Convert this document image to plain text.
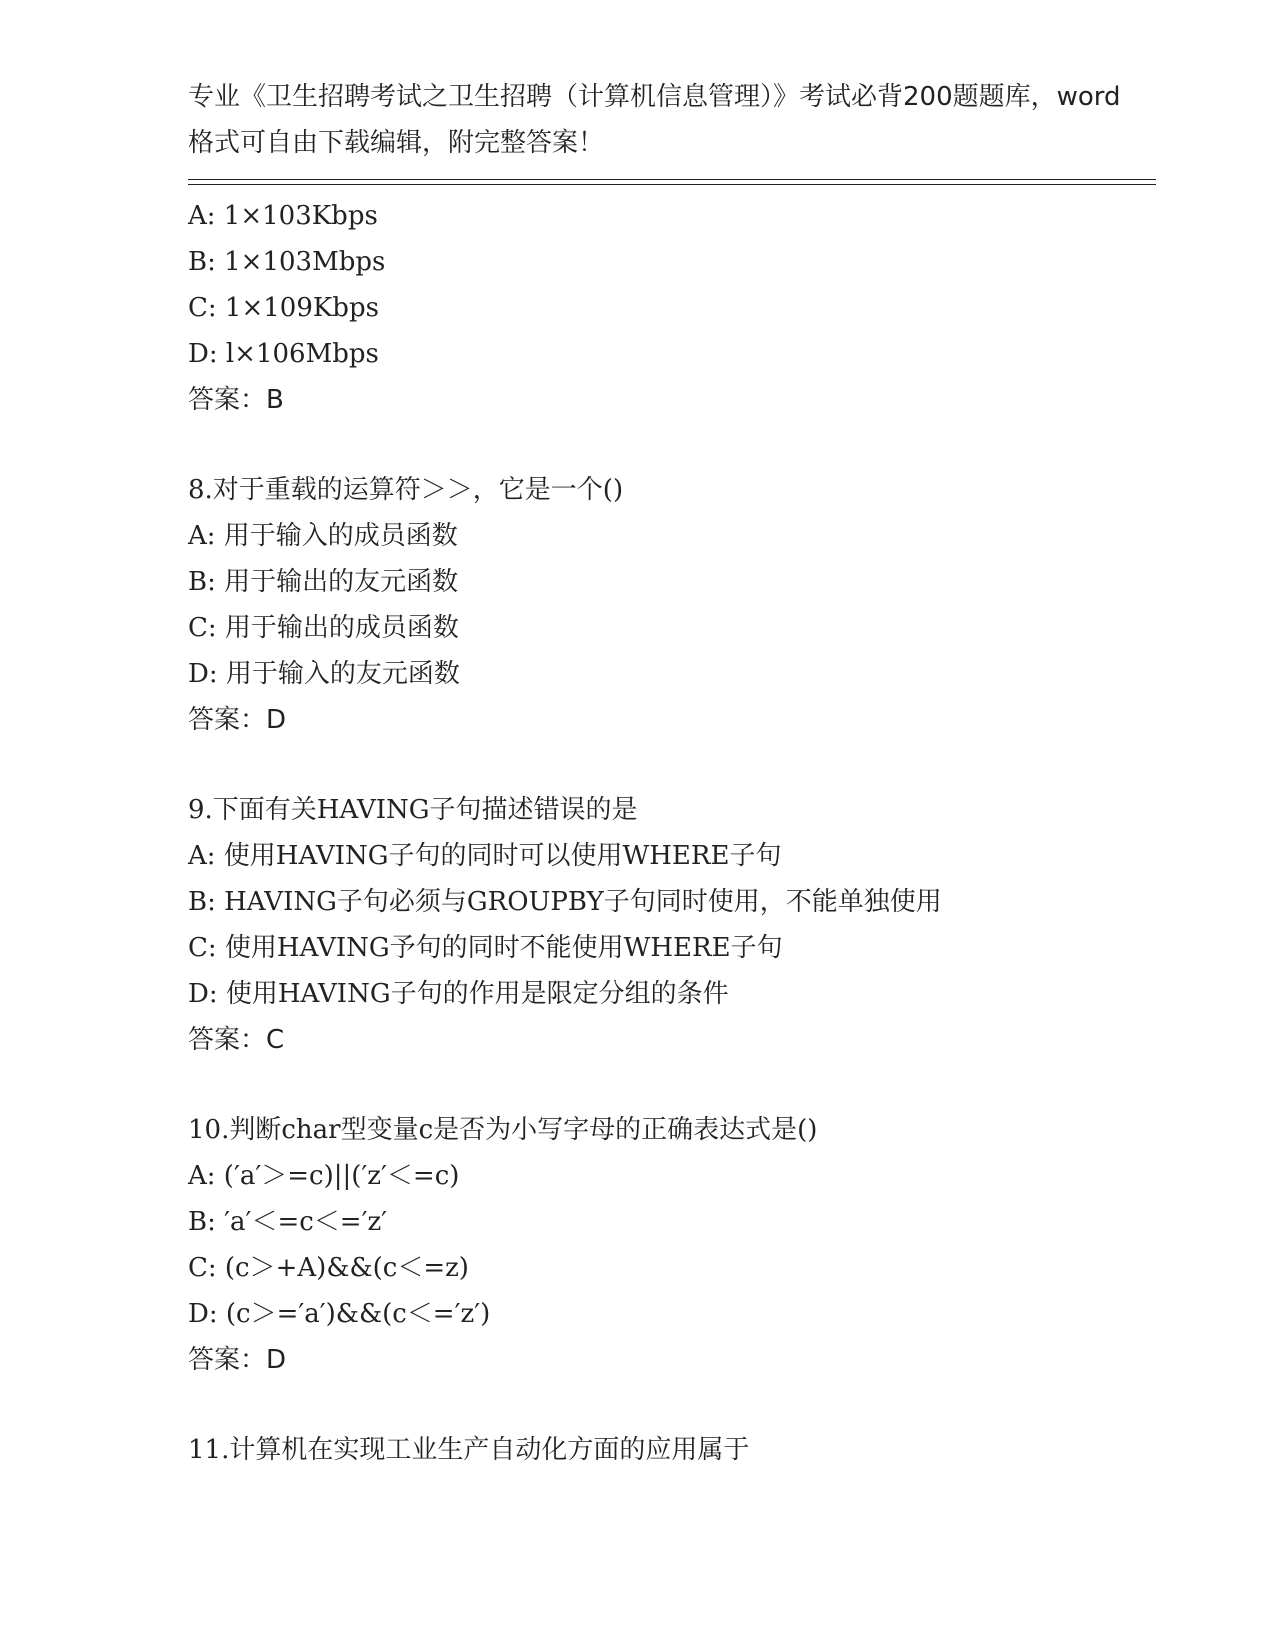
专业《卫生招聘考试之卫生招聘（计算机信息管理）》考试必背200题题库，word
格式可自由下载编辑，附完整答案！
A: 1×103Kbps
B: 1×103Mbps
C: 1×109Kbps
D: l×106Mbps
答案：B
8.对于重载的运算符＞＞，它是一个()
A: 用于输入的成员函数
B: 用于输出的友元函数
C: 用于输出的成员函数
D: 用于输入的友元函数
答案：D
9.下面有关HAVING子句描述错误的是
A: 使用HAVING子句的同时可以使用WHERE子句
B: HAVING子句必须与GROUPBY子句同时使用，不能单独使用
C: 使用HAVING予句的同时不能使用WHERE子句
D: 使用HAVING子句的作用是限定分组的条件
答案：C
10.判断char型变量c是否为小写字母的正确表达式是()
A: (′a′＞=c)||(′z′＜=c)
B: ′a′＜=c＜=′z′
C: (c＞+A)&&(c＜=z)
D: (c＞=′a′)&&(c＜=′z′)
答案：D
11.计算机在实现工业生产自动化方面的应用属于
